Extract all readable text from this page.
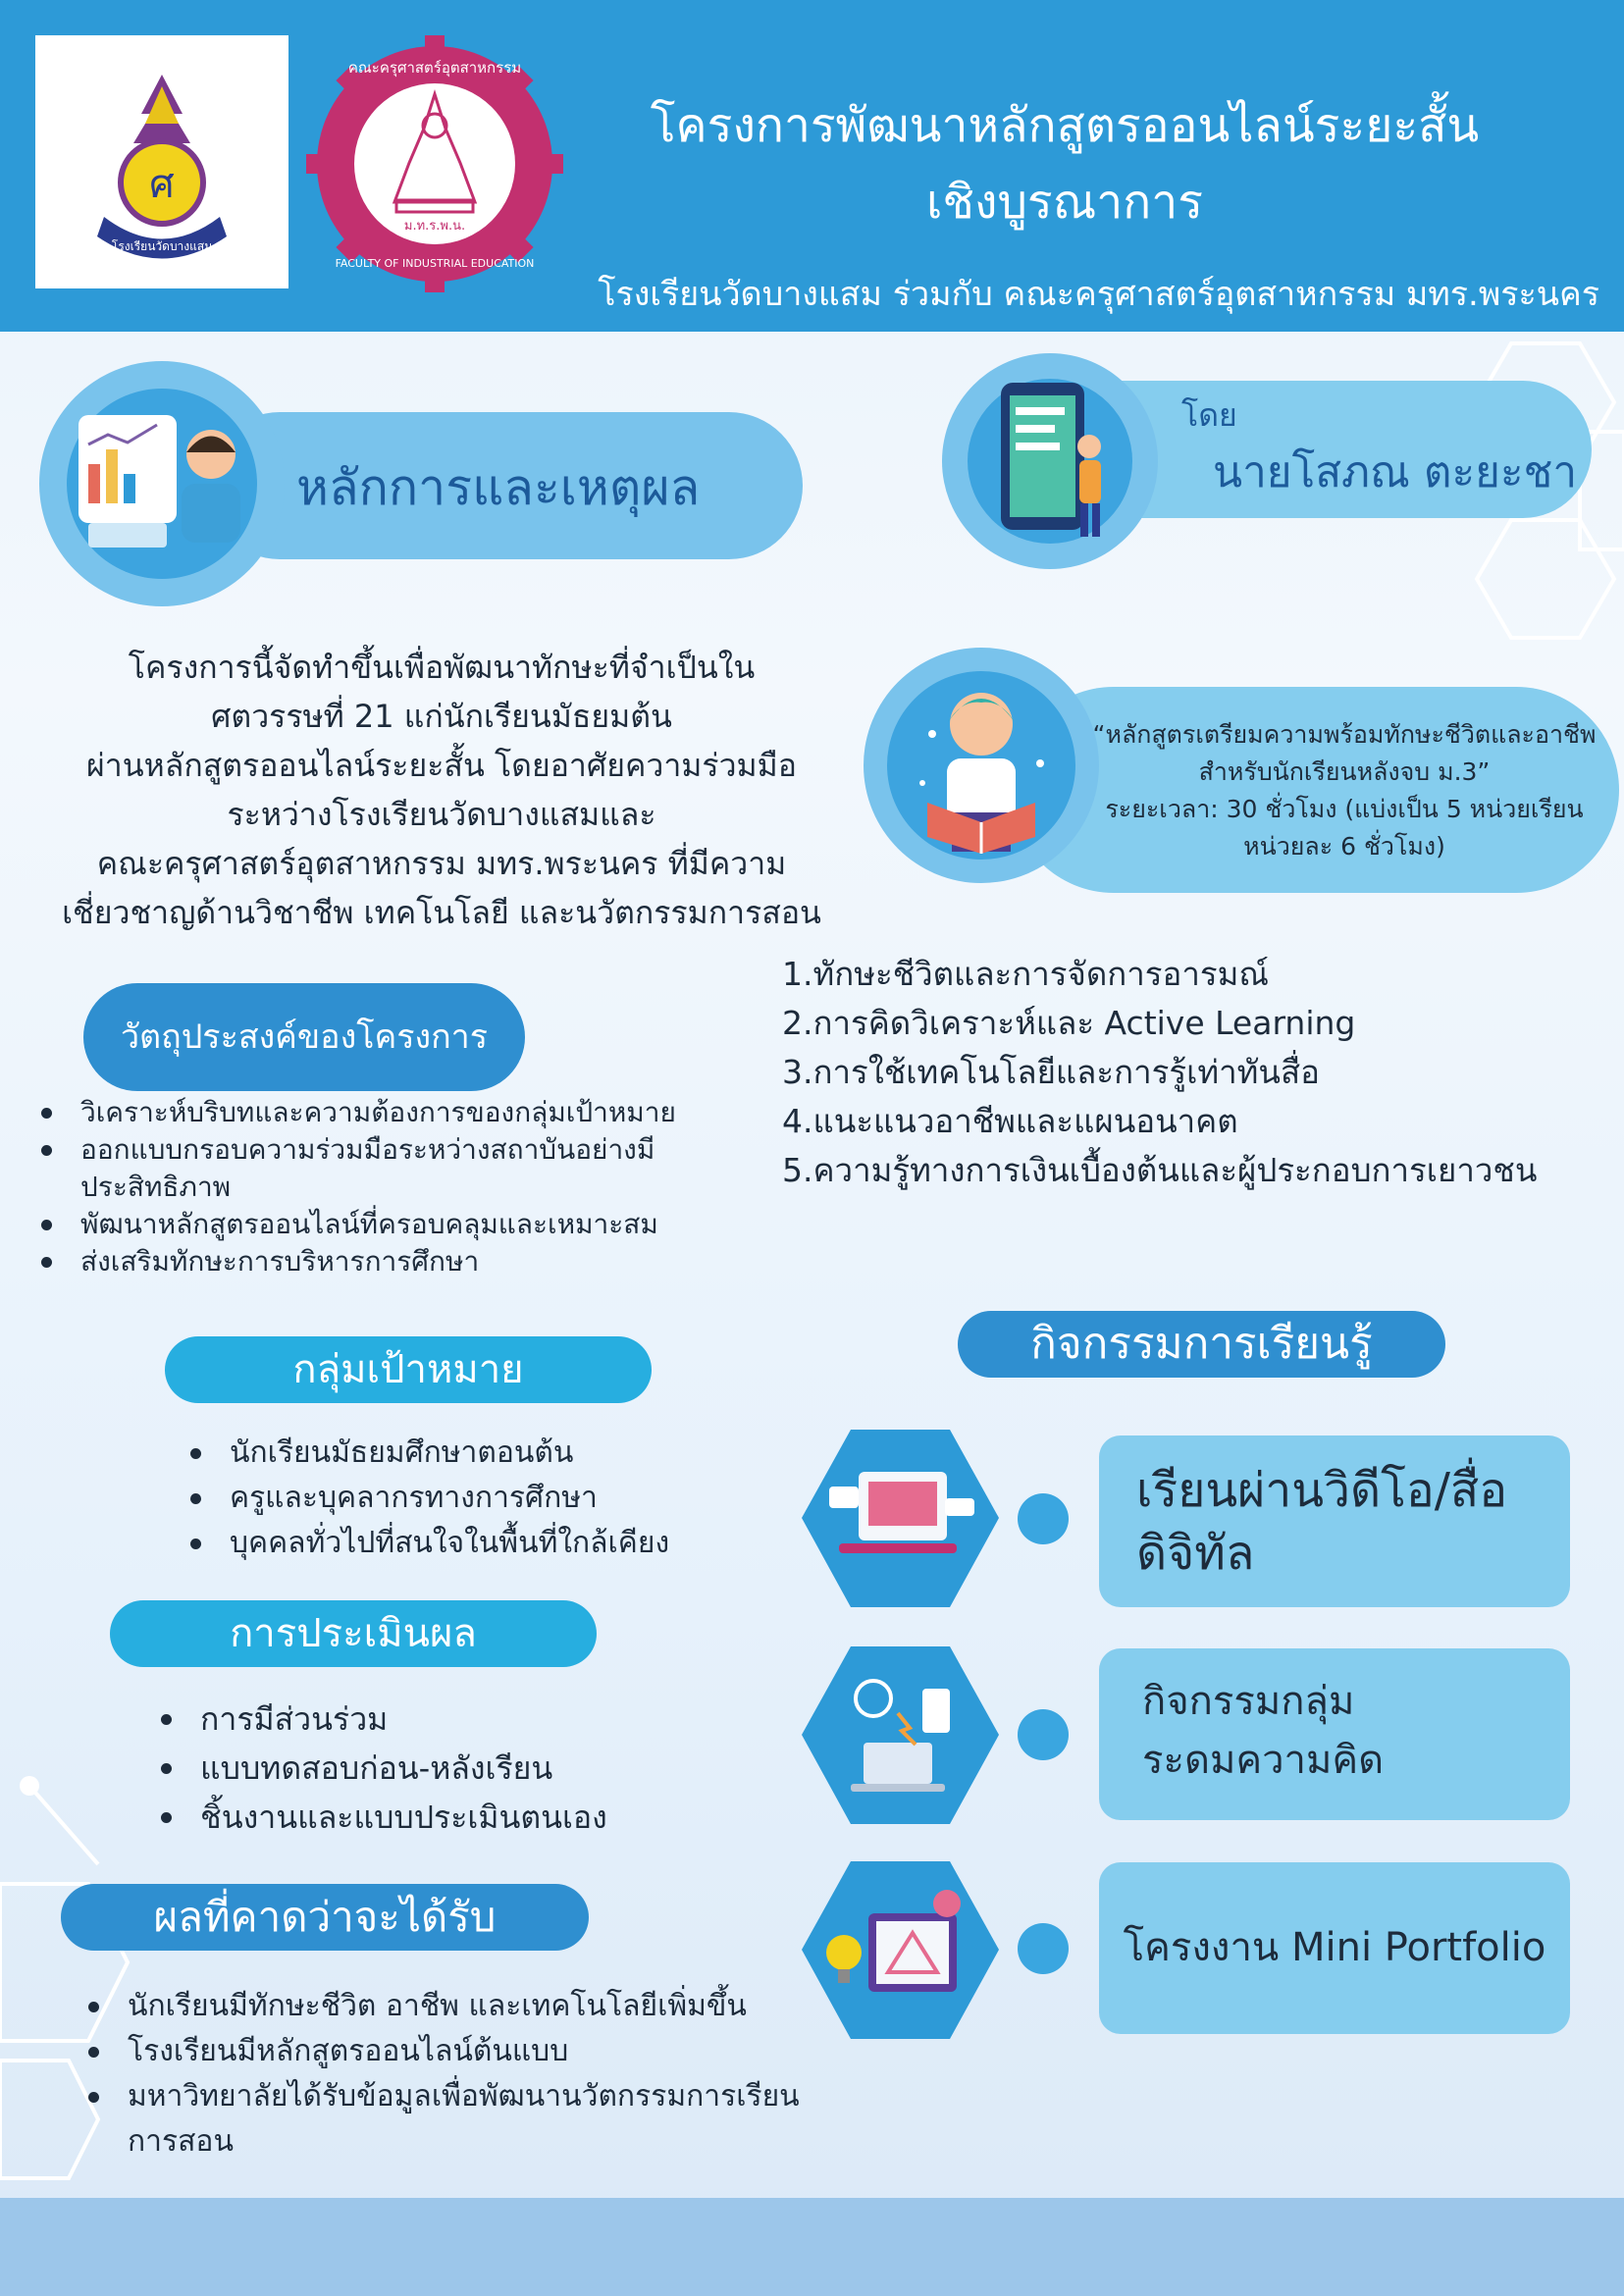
ศ
โรงเรียนวัดบางแสม
ม.ท.ร.พ.น.
คณะครุศาสตร์อุตสาหกรรม
FACULTY OF INDUSTRIAL EDUCATION
โครงการพัฒนาหลักสูตรออนไลน์ระยะสั้น
เชิงบูรณาการ
โรงเรียนวัดบางแสม ร่วมกับ คณะครุศาสตร์อุตสาหกรรม มทร.พระนคร
หลักการและเหตุผล
โดย
นายโสภณ ตะยะชา
โครงการนี้จัดทำขึ้นเพื่อพัฒนาทักษะที่จำเป็นใน
ศตวรรษที่ 21 แก่นักเรียนมัธยมต้น
ผ่านหลักสูตรออนไลน์ระยะสั้น โดยอาศัยความร่วมมือ
ระหว่างโรงเรียนวัดบางแสมและ
คณะครุศาสตร์อุตสาหกรรม มทร.พระนคร ที่มีความ
เชี่ยวชาญด้านวิชาชีพ เทคโนโลยี และนวัตกรรมการสอน
“หลักสูตรเตรียมความพร้อมทักษะชีวิตและอาชีพ
สำหรับนักเรียนหลังจบ ม.3”
ระยะเวลา: 30 ชั่วโมง (แบ่งเป็น 5 หน่วยเรียน
หน่วยละ 6 ชั่วโมง)
1.ทักษะชีวิตและการจัดการอารมณ์
2.การคิดวิเคราะห์และ Active Learning
3.การใช้เทคโนโลยีและการรู้เท่าทันสื่อ
4.แนะแนวอาชีพและแผนอนาคต
5.ความรู้ทางการเงินเบื้องต้นและผู้ประกอบการเยาวชน
วัตถุประสงค์ของโครงการ
วิเคราะห์บริบทและความต้องการของกลุ่มเป้าหมาย
ออกแบบกรอบความร่วมมือระหว่างสถาบันอย่างมีประสิทธิภาพ
พัฒนาหลักสูตรออนไลน์ที่ครอบคลุมและเหมาะสม
ส่งเสริมทักษะการบริหารการศึกษา
กลุ่มเป้าหมาย
นักเรียนมัธยมศึกษาตอนต้น
ครูและบุคลากรทางการศึกษา
บุคคลทั่วไปที่สนใจในพื้นที่ใกล้เคียง
การประเมินผล
การมีส่วนร่วม
แบบทดสอบก่อน-หลังเรียน
ชิ้นงานและแบบประเมินตนเอง
ผลที่คาดว่าจะได้รับ
นักเรียนมีทักษะชีวิต อาชีพ และเทคโนโลยีเพิ่มขึ้น
โรงเรียนมีหลักสูตรออนไลน์ต้นแบบ
มหาวิทยาลัยได้รับข้อมูลเพื่อพัฒนานวัตกรรมการเรียนการสอน
กิจกรรมการเรียนรู้
เรียนผ่านวิดีโอ/สื่อ
ดิจิทัล
กิจกรรมกลุ่ม
ระดมความคิด
โครงงาน Mini Portfolio
